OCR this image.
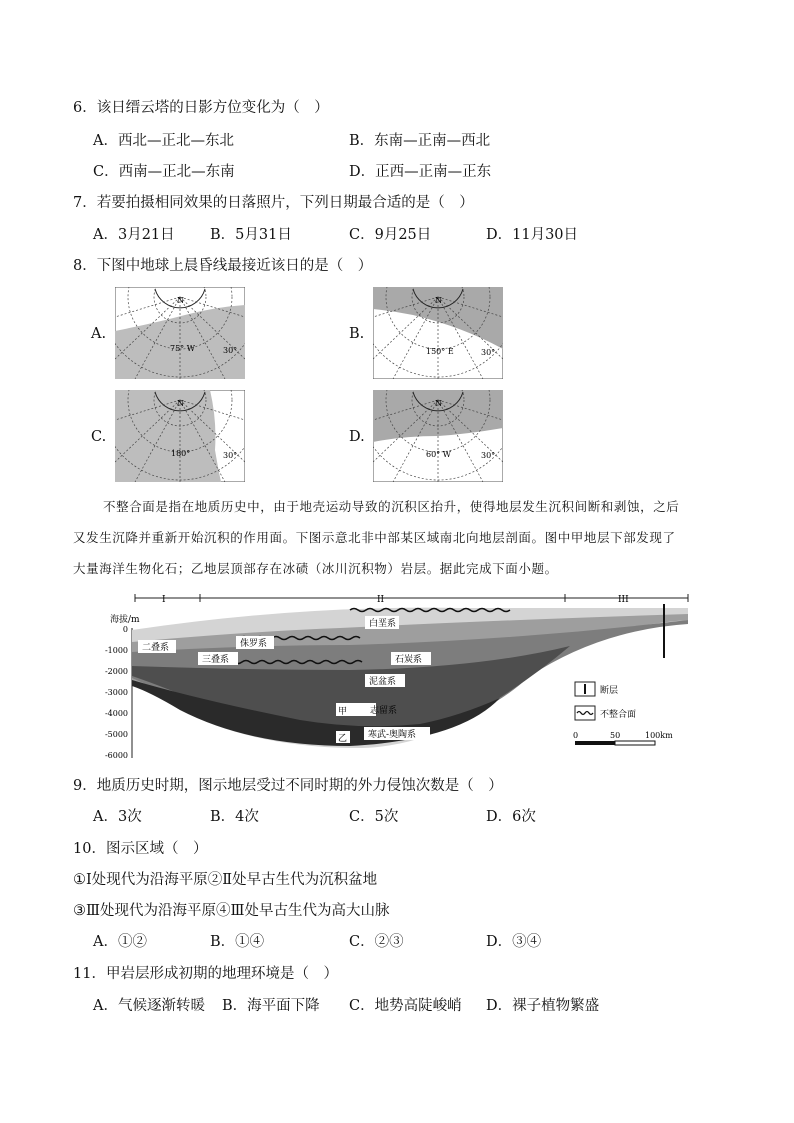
6．该日缙云塔的日影方位变化为（　）
A．西北—正北—东北	B．东南—正南—西北
C．西南—正北—东南	D．正西—正南—正东
7．若要拍摄相同效果的日落照片，下列日期最合适的是（　）
A．3月21日 B．5月31日	C．9月25日	D．11月30日
8．下图中地球上晨昏线最接近该日的是（　）
A.
N
75° W	30°
B.
N
150° E	30°
C.
N
180°	30°
D.
N
60° W	30°
不整合面是指在地质历史中，由于地壳运动导致的沉积区抬升，使得地层发生沉积间断和剥蚀，之后
又发生沉降并重新开始沉积的作用面。下图示意北非中部某区域南北向地层剖面。图中甲地层下部发现了
大量海洋生物化石；乙地层顶部存在冰碛（冰川沉积物）岩层。据此完成下面小题。
I	II	III
海拔/m
0
-1000
-2000
-3000
-4000
-5000
-6000
白垩系
侏罗系
二叠系
三叠系	石炭系
泥盆系
志留系
寒武-奥陶系
甲
乙
断层
不整合面
0	50	100km
9．地质历史时期，图示地层受过不同时期的外力侵蚀次数是（　）
A．3次	B．4次	C．5次	D．6次
10．图示区域（　）
①Ⅰ处现代为沿海平原②Ⅱ处早古生代为沉积盆地
③Ⅲ处现代为沿海平原④Ⅲ处早古生代为高大山脉
A．①②	B．①④	C．②③	D．③④
11．甲岩层形成初期的地理环境是（　）
A．气候逐渐转暖 B．海平面下降 C．地势高陡峻峭 D．裸子植物繁盛
